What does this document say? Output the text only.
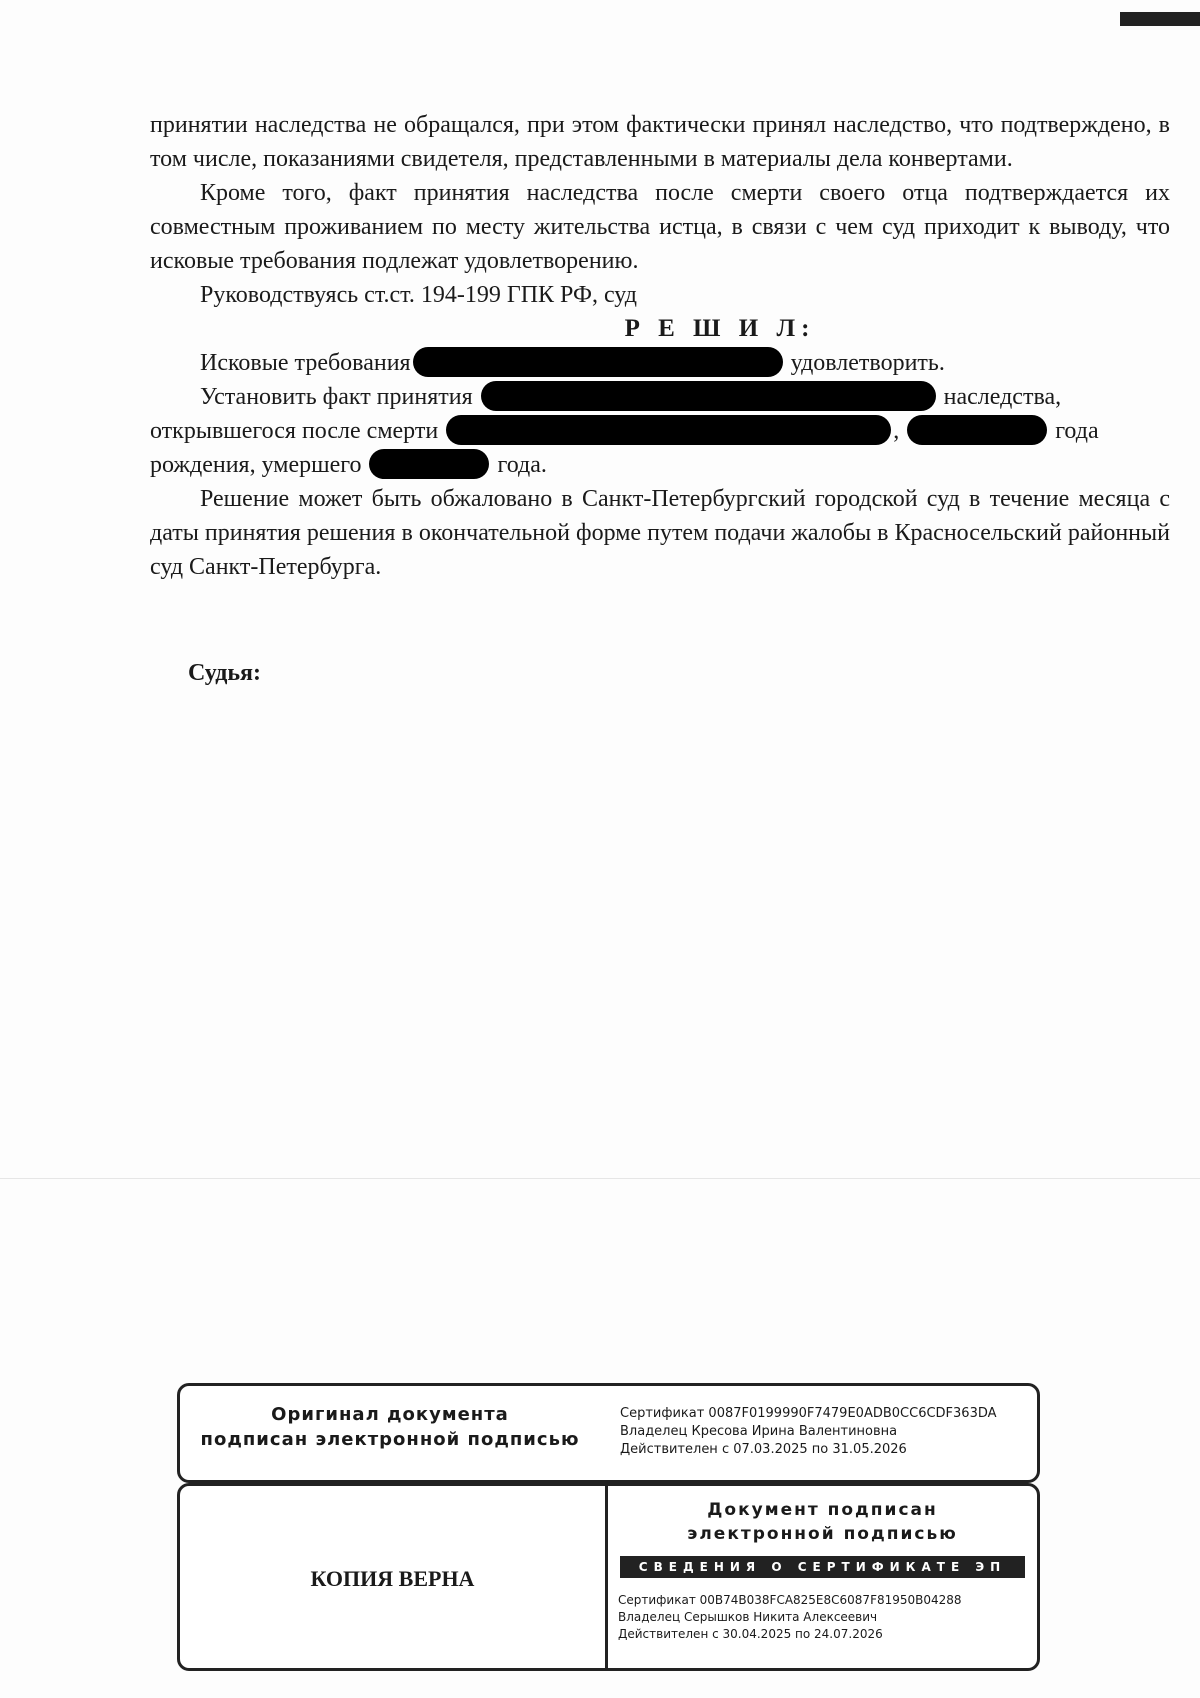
принятии наследства не обращался, при этом фактически принял наследство, что подтверждено, в том числе, показаниями свидетеля, представленными в материалы дела конвертами.

Кроме того, факт принятия наследства после смерти своего отца подтверждается их совместным проживанием по месту жительства истца, в связи с чем суд приходит к выводу, что исковые требования подлежат удовлетворению.

Руководствуясь ст.ст. 194-199 ГПК РФ, суд

Р Е Ш И Л:

Исковые требования	удовлетворить.

Установить факт принятия	наследства,

открывшегося после смерти	,	года

рождения, умершего	года.

Решение может быть обжаловано в Санкт-Петербургский городской суд в течение месяца с даты принятия решения в окончательной форме путем подачи жалобы в Красносельский районный суд Санкт-Петербурга.

Судья:
Оригинал документа
подписан электронной подписью
Сертификат 0087F0199990F7479E0ADB0CC6CDF363DA
Владелец Кресова Ирина Валентиновна
Действителен с 07.03.2025 по 31.05.2026
КОПИЯ ВЕРНА
Документ подписан
электронной подписью
СВЕДЕНИЯ О СЕРТИФИКАТЕ ЭП
Сертификат 00B74B038FCA825E8C6087F81950B04288
Владелец Серышков Никита Алексеевич
Действителен с 30.04.2025 по 24.07.2026
